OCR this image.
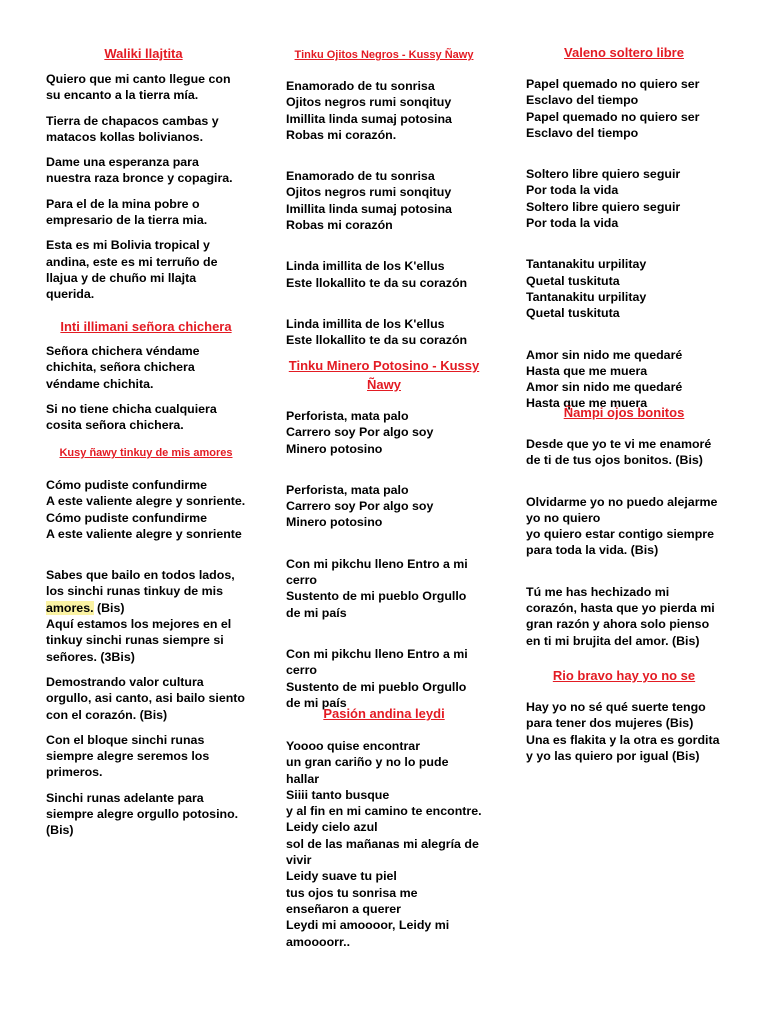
Waliki llajtita

Quiero que mi canto llegue con su encanto a la tierra mía.

Tierra de chapacos cambas y matacos kollas bolivianos.

Dame una esperanza para nuestra raza bronce y copagira.

Para el de la mina pobre o empresario de la tierra mia.

Esta es mi Bolivia tropical y andina, este es mi terruño de llajua y de chuño mi llajta querida.

Inti illimani señora chichera

Señora chichera véndame chichita, señora chichera véndame chichita.

Si no tiene chicha cualquiera cosita señora chichera.

Kusy ñawy tinkuy de mis amores

Cómo pudiste confundirme
A este valiente alegre y sonriente.
Cómo pudiste confundirme
A este valiente alegre y sonriente

Sabes que bailo en todos lados, los sinchi runas tinkuy de mis amores. (Bis)
Aquí estamos los mejores en el tinkuy sinchi runas siempre si señores. (3Bis)

Demostrando valor cultura orgullo, asi canto, asi bailo siento con el corazón. (Bis)

Con el bloque sinchi runas siempre alegre seremos los primeros.

Sinchi runas adelante para siempre alegre orgullo potosino. (Bis)

Tinku Ojitos Negros - Kussy Ñawy

Enamorado de tu sonrisa
Ojitos negros rumi sonqituy
Imillita linda sumaj potosina
Robas mi corazón.

Enamorado de tu sonrisa
Ojitos negros rumi sonqituy
Imillita linda sumaj potosina
Robas mi corazón

Linda imillita de los K'ellus
Este llokallito te da su corazón

Linda imillita de los K'ellus
Este llokallito te da su corazón

Tinku Minero Potosino - Kussy Ñawy

Perforista, mata palo
Carrero soy Por algo soy
Minero potosino

Perforista, mata palo
Carrero soy Por algo soy
Minero potosino

Con mi pikchu lleno Entro a mi cerro
Sustento de mi pueblo Orgullo de mi país

Con mi pikchu lleno Entro a mi cerro
Sustento de mi pueblo Orgullo de mi país

Pasión andina leydi

Yoooo quise encontrar
un gran cariño y no lo pude hallar
Siiii tanto busque
y al fin en mi camino te encontre.
Leidy cielo azul
sol de las mañanas mi alegría de vivir
Leidy suave tu piel
tus ojos tu sonrisa me enseñaron a querer
Leydi mi amoooor, Leidy mi amoooorr..

Valeno soltero libre

Papel quemado no quiero ser
Esclavo del tiempo
Papel quemado no quiero ser
Esclavo del tiempo

Soltero libre quiero seguir
Por toda la vida
Soltero libre quiero seguir
Por toda la vida

Tantanakitu urpilitay
Quetal tuskituta
Tantanakitu urpilitay
Quetal tuskituta

Amor sin nido me quedaré
Hasta que me muera
Amor sin nido me quedaré
Hasta que me muera

Ñampi ojos bonitos

Desde que yo te vi me enamoré de ti de tus ojos bonitos. (Bis)

Olvidarme yo no puedo alejarme yo no quiero
yo quiero estar contigo siempre para toda la vida. (Bis)

Tú me has hechizado mi corazón, hasta que yo pierda mi gran razón y ahora solo pienso en ti mi brujita del amor. (Bis)

Rio bravo hay yo no se

Hay yo no sé qué suerte tengo para tener dos mujeres (Bis)
Una es flakita y la otra es gordita y yo las quiero por igual (Bis)
